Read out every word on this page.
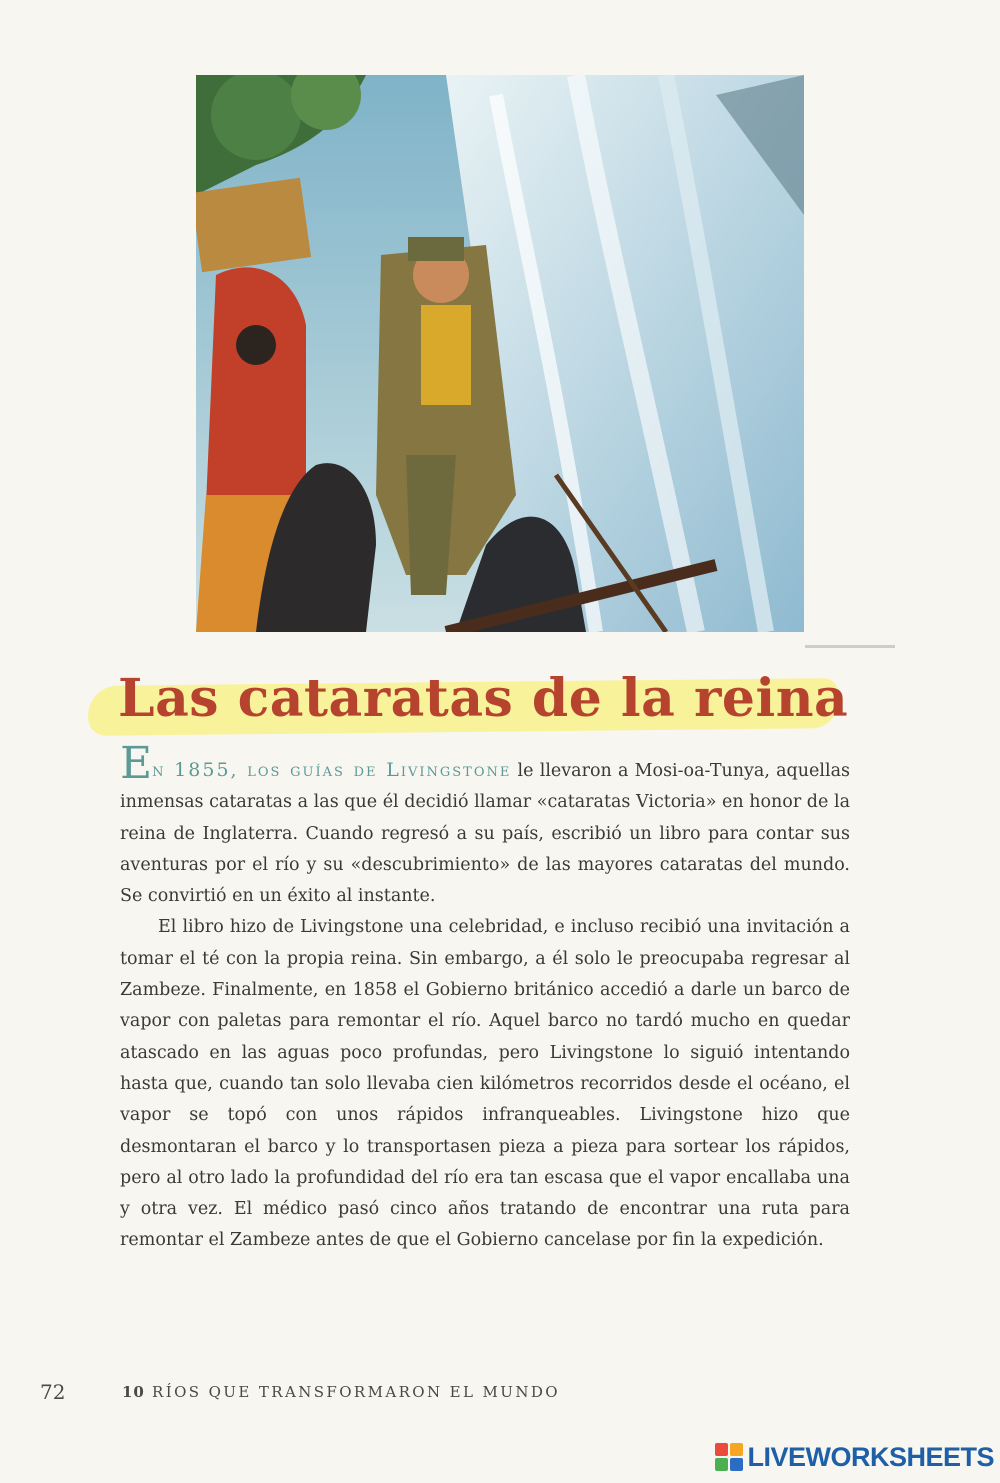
Las cataratas de la reina

En 1855, los guías de Livingstone le llevaron a Mosi-oa-Tunya, aquellas inmensas cataratas a las que él decidió llamar «cataratas Victoria» en honor de la reina de Inglaterra. Cuando regresó a su país, escribió un libro para contar sus aventuras por el río y su «descubrimiento» de las mayores cataratas del mundo. Se convirtió en un éxito al instante.

El libro hizo de Livingstone una celebridad, e incluso recibió una invitación a tomar el té con la propia reina. Sin embargo, a él solo le preocupaba regresar al Zambeze. Finalmente, en 1858 el Gobierno británico accedió a darle un barco de vapor con paletas para remontar el río. Aquel barco no tardó mucho en quedar atascado en las aguas poco profundas, pero Livingstone lo siguió intentando hasta que, cuando tan solo llevaba cien kilómetros recorridos desde el océano, el vapor se topó con unos rápidos infranqueables. Livingstone hizo que desmontaran el barco y lo transportasen pieza a pieza para sortear los rápidos, pero al otro lado la profundidad del río era tan escasa que el vapor encallaba una y otra vez. El médico pasó cinco años tratando de encontrar una ruta para remontar el Zambeze antes de que el Gobierno cancelase por fin la expedición.

72	10 RÍOS QUE TRANSFORMARON EL MUNDO
LIVEWORKSHEETS
